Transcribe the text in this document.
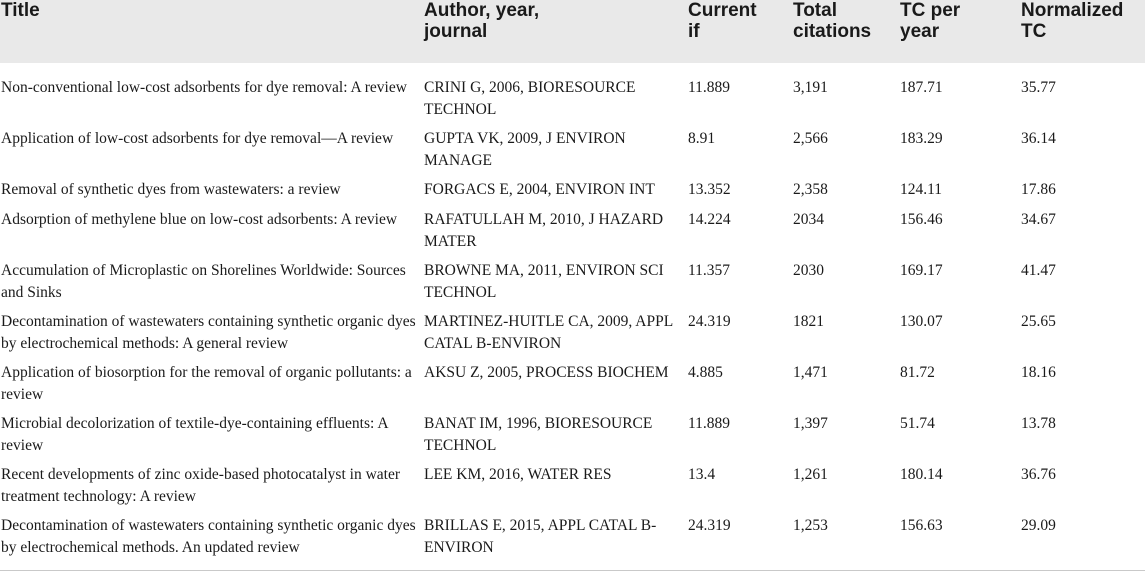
Title	Author, year, journal	Current if	Total citations	TC per year	Normalized TC

Non-conventional low-cost adsorbents for dye removal: A review	CRINI G, 2006, BIORESOURCE TECHNOL	11.889	3,191	187.71	35.77
Application of low-cost adsorbents for dye removal—A review	GUPTA VK, 2009, J ENVIRON MANAGE	8.91	2,566	183.29	36.14
Removal of synthetic dyes from wastewaters: a review	FORGACS E, 2004, ENVIRON INT	13.352	2,358	124.11	17.86
Adsorption of methylene blue on low-cost adsorbents: A review	RAFATULLAH M, 2010, J HAZARD MATER	14.224	2034	156.46	34.67
Accumulation of Microplastic on Shorelines Worldwide: Sources and Sinks	BROWNE MA, 2011, ENVIRON SCI TECHNOL	11.357	2030	169.17	41.47
Decontamination of wastewaters containing synthetic organic dyes by electrochemical methods: A general review	MARTINEZ-HUITLE CA, 2009, APPL CATAL B-ENVIRON	24.319	1821	130.07	25.65
Application of biosorption for the removal of organic pollutants: a review	AKSU Z, 2005, PROCESS BIOCHEM	4.885	1,471	81.72	18.16
Microbial decolorization of textile-dye-containing effluents: A review	BANAT IM, 1996, BIORESOURCE TECHNOL	11.889	1,397	51.74	13.78
Recent developments of zinc oxide-based photocatalyst in water treatment technology: A review	LEE KM, 2016, WATER RES	13.4	1,261	180.14	36.76
Decontamination of wastewaters containing synthetic organic dyes by electrochemical methods. An updated review	BRILLAS E, 2015, APPL CATAL B-ENVIRON	24.319	1,253	156.63	29.09
